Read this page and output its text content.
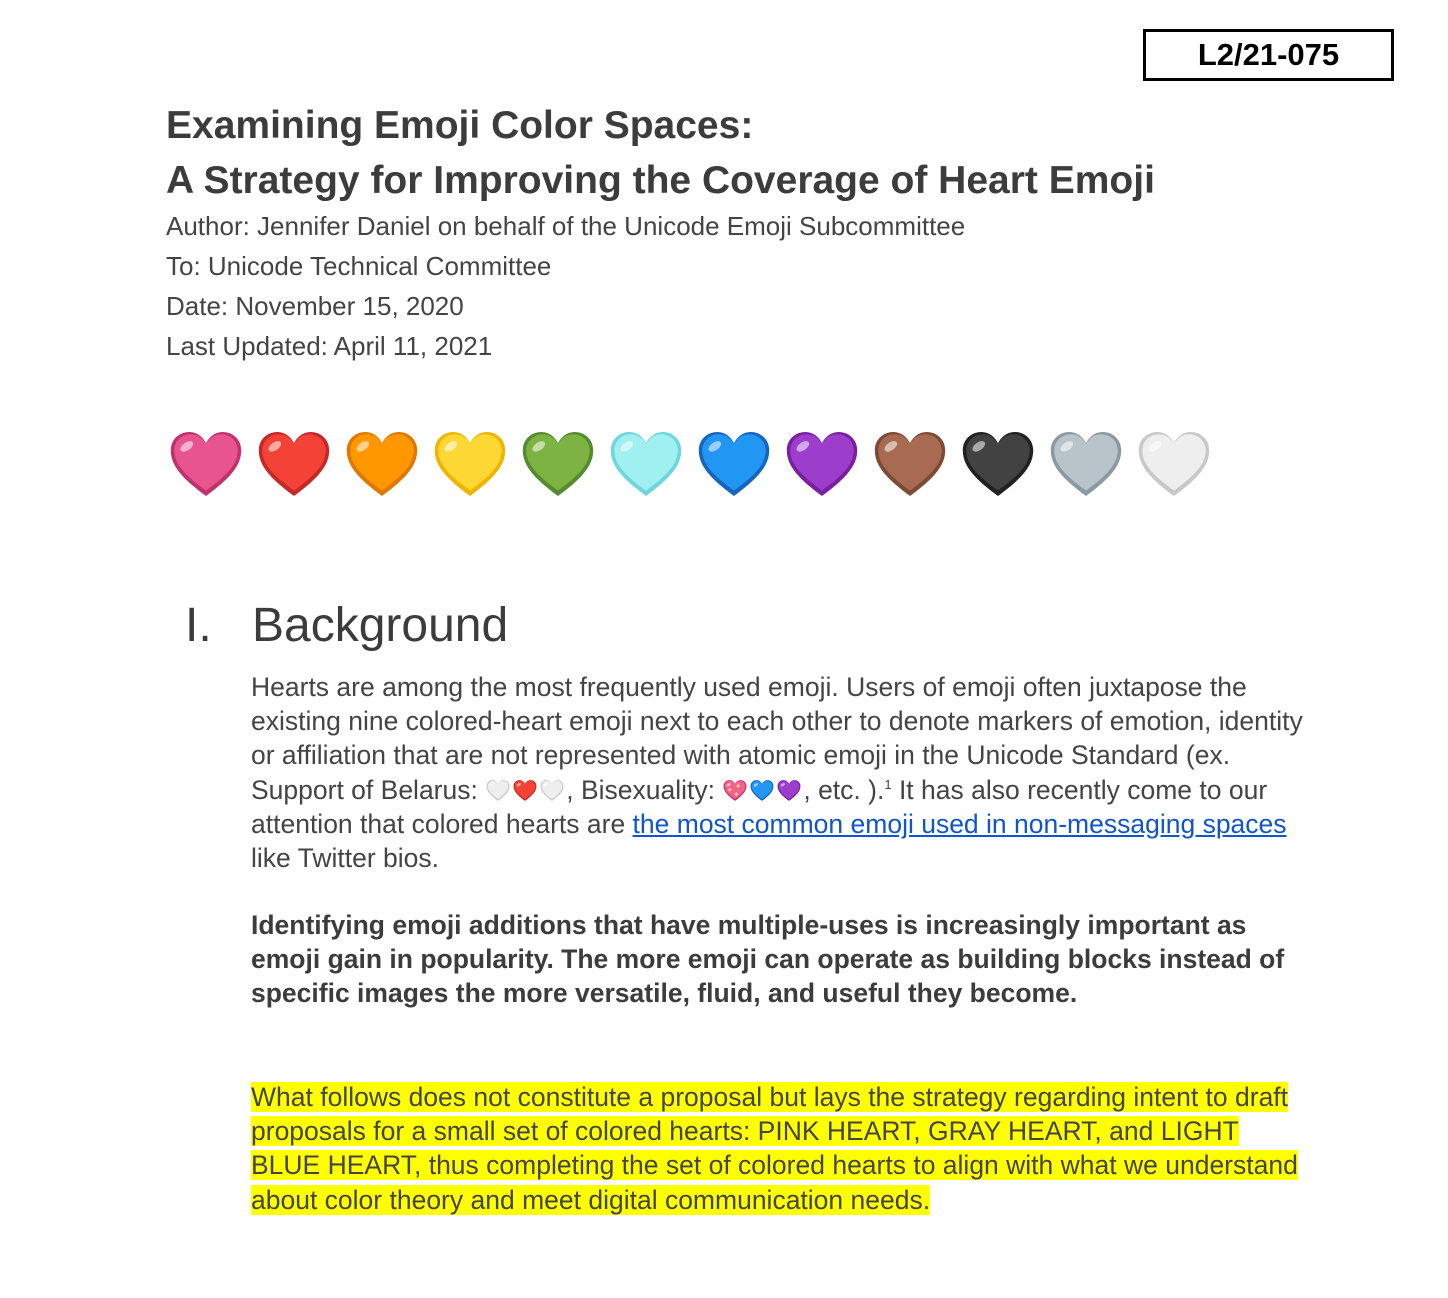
L2/21-075
Examining Emoji Color Spaces:
A Strategy for Improving the Coverage of Heart Emoji
Author: Jennifer Daniel on behalf of the Unicode Emoji Subcommittee
To: Unicode Technical Committee
Date: November 15, 2020
Last Updated: April 11, 2021
I. Background

Hearts are among the most frequently used emoji. Users of emoji often juxtapose the existing nine colored-heart emoji next to each other to denote markers of emotion, identity or affiliation that are not represented with atomic emoji in the Unicode Standard (ex. Support of Belarus:	, Bisexuality:	, etc. ).$^1$ It has also recently come to our attention that colored hearts are the most common emoji used in non-messaging spaces like Twitter bios.

Identifying emoji additions that have multiple-uses is increasingly important as emoji gain in popularity. The more emoji can operate as building blocks instead of specific images the more versatile, fluid, and useful they become.

What follows does not constitute a proposal but lays the strategy regarding intent to draft proposals for a small set of colored hearts: PINK HEART, GRAY HEART, and LIGHT BLUE HEART, thus completing the set of colored hearts to align with what we understand about color theory and meet digital communication needs.
